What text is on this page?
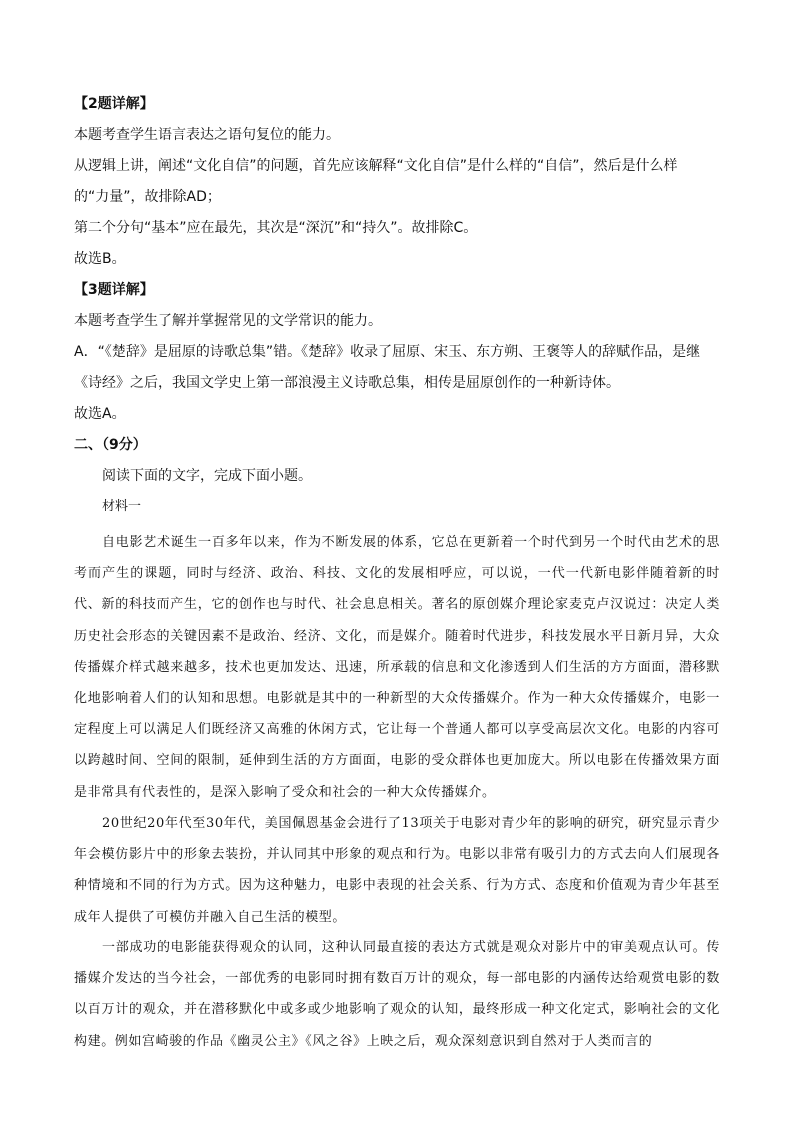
【2题详解】
本题考查学生语言表达之语句复位的能力。
从逻辑上讲，阐述“文化自信”的问题，首先应该解释“文化自信”是什么样的“自信”，然后是什么样
的“力量”，故排除AD；
第二个分句“基本”应在最先，其次是“深沉”和“持久”。故排除C。
故选B。
【3题详解】
本题考查学生了解并掌握常见的文学常识的能力。
A．“《楚辞》是屈原的诗歌总集”错。《楚辞》收录了屈原、宋玉、东方朔、王褒等人的辞赋作品，是继
《诗经》之后，我国文学史上第一部浪漫主义诗歌总集，相传是屈原创作的一种新诗体。
故选A。
二、（9分）
阅读下面的文字，完成下面小题。
材料一
自电影艺术诞生一百多年以来，作为不断发展的体系，它总在更新着一个时代到另一个时代由艺术的思考而产生的课题，同时与经济、政治、科技、文化的发展相呼应，可以说，一代一代新电影伴随着新的时代、新的科技而产生，它的创作也与时代、社会息息相关。著名的原创媒介理论家麦克卢汉说过：决定人类历史社会形态的关键因素不是政治、经济、文化，而是媒介。随着时代进步，科技发展水平日新月异，大众传播媒介样式越来越多，技术也更加发达、迅速，所承载的信息和文化渗透到人们生活的方方面面，潜移默化地影响着人们的认知和思想。电影就是其中的一种新型的大众传播媒介。作为一种大众传播媒介，电影一定程度上可以满足人们既经济又高雅的休闲方式，它让每一个普通人都可以享受高层次文化。电影的内容可以跨越时间、空间的限制，延伸到生活的方方面面，电影的受众群体也更加庞大。所以电影在传播效果方面是非常具有代表性的，是深入影响了受众和社会的一种大众传播媒介。
20世纪20年代至30年代，美国佩恩基金会进行了13项关于电影对青少年的影响的研究，研究显示青少年会模仿影片中的形象去装扮，并认同其中形象的观点和行为。电影以非常有吸引力的方式去向人们展现各种情境和不同的行为方式。因为这种魅力，电影中表现的社会关系、行为方式、态度和价值观为青少年甚至成年人提供了可模仿并融入自己生活的模型。
一部成功的电影能获得观众的认同，这种认同最直接的表达方式就是观众对影片中的审美观点认可。传播媒介发达的当今社会，一部优秀的电影同时拥有数百万计的观众，每一部电影的内涵传达给观赏电影的数以百万计的观众，并在潜移默化中或多或少地影响了观众的认知，最终形成一种文化定式，影响社会的文化构建。例如宫崎骏的作品《幽灵公主》《风之谷》上映之后，观众深刻意识到自然对于人类而言的
